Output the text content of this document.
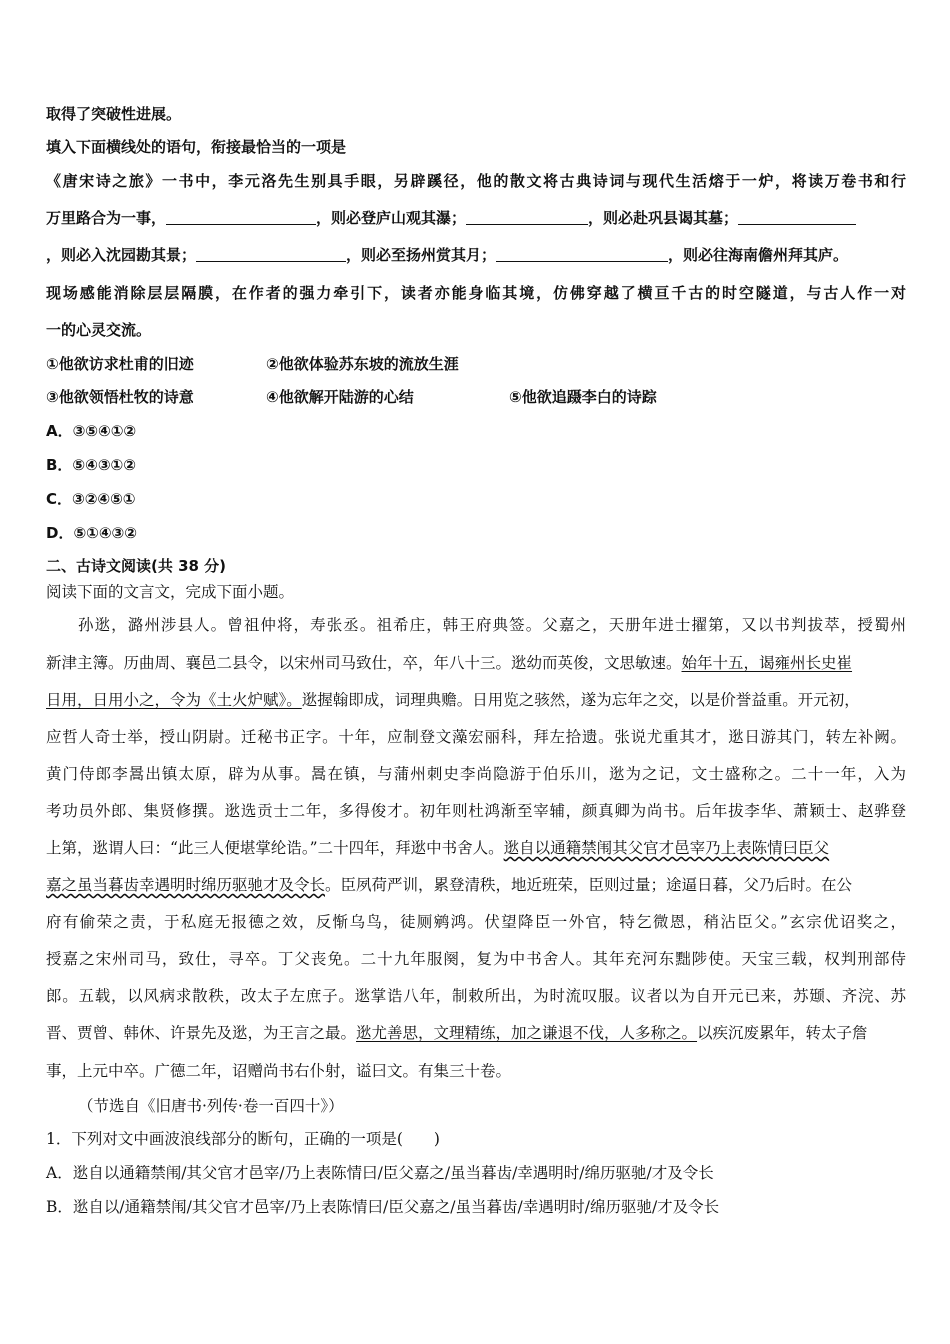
取得了突破性进展。
填入下面横线处的语句，衔接最恰当的一项是
《唐宋诗之旅》一书中，李元洛先生别具手眼，另辟蹊径，他的散文将古典诗词与现代生活熔于一炉，将读万卷书和行
万里路合为一事，	，则必登庐山观其瀑；	，则必赴巩县谒其墓；
，则必入沈园勘其景；	，则必至扬州赏其月；	，则必往海南儋州拜其庐。
现场感能消除层层隔膜，在作者的强力牵引下，读者亦能身临其境，仿佛穿越了横亘千古的时空隧道，与古人作一对
一的心灵交流。
①他欲访求杜甫的旧迹	②他欲体验苏东坡的流放生涯
③他欲领悟杜牧的诗意	④他欲解开陆游的心结	⑤他欲追蹑李白的诗踪
A．③⑤④①②
B．⑤④③①②
C．③②④⑤①
D．⑤①④③②
二、古诗文阅读(共 38 分)
阅读下面的文言文，完成下面小题。
孙逖，潞州涉县人。曾祖仲将，寿张丞。祖希庄，韩王府典签。父嘉之，天册年进士擢第，又以书判拔萃，授蜀州
新津主簿。历曲周、襄邑二县令，以宋州司马致仕，卒，年八十三。逖幼而英俊，文思敏速。始年十五，谒雍州长史崔
日用，日用小之，令为《土火炉赋》。逖握翰即成，词理典赡。日用览之骇然，遂为忘年之交，以是价誉益重。开元初，
应哲人奇士举，授山阴尉。迁秘书正字。十年，应制登文藻宏丽科，拜左拾遗。张说尤重其才，逖日游其门，转左补阙。
黄门侍郎李暠出镇太原，辟为从事。暠在镇，与蒲州刺史李尚隐游于伯乐川，逖为之记，文士盛称之。二十一年，入为
考功员外郎、集贤修撰。逖选贡士二年，多得俊才。初年则杜鸿渐至宰辅，颜真卿为尚书。后年拔李华、萧颖士、赵骅登
上第，逖谓人曰：“此三人便堪掌纶诰。”二十四年，拜逖中书舍人。逖自以通籍禁闱其父官才邑宰乃上表陈情曰臣父
嘉之虽当暮齿幸遇明时绵历驱驰才及令长。臣夙荷严训，累登清秩，地近班荣，臣则过量；途逼日暮，父乃后时。在公
府有偷荣之责，于私庭无报德之效，反惭乌鸟，徒厕鹓鸿。伏望降臣一外官，特乞微恩，稍沾臣父。”玄宗优诏奖之，
授嘉之宋州司马，致仕，寻卒。丁父丧免。二十九年服阕，复为中书舍人。其年充河东黜陟使。天宝三载，权判刑部侍
郎。五载，以风病求散秩，改太子左庶子。逖掌诰八年，制敕所出，为时流叹服。议者以为自开元已来，苏颋、齐浣、苏
晋、贾曾、韩休、许景先及逖，为王言之最。逖尤善思，文理精练，加之谦退不伐，人多称之。以疾沉废累年，转太子詹
事，上元中卒。广德二年，诏赠尚书右仆射，谥曰文。有集三十卷。
（节选自《旧唐书·列传·卷一百四十》）
1．下列对文中画波浪线部分的断句，正确的一项是(　　)
A．逖自以通籍禁闱/其父官才邑宰/乃上表陈情曰/臣父嘉之/虽当暮齿/幸遇明时/绵历驱驰/才及令长
B．逖自以/通籍禁闱/其父官才邑宰/乃上表陈情曰/臣父嘉之/虽当暮齿/幸遇明时/绵历驱驰/才及令长
